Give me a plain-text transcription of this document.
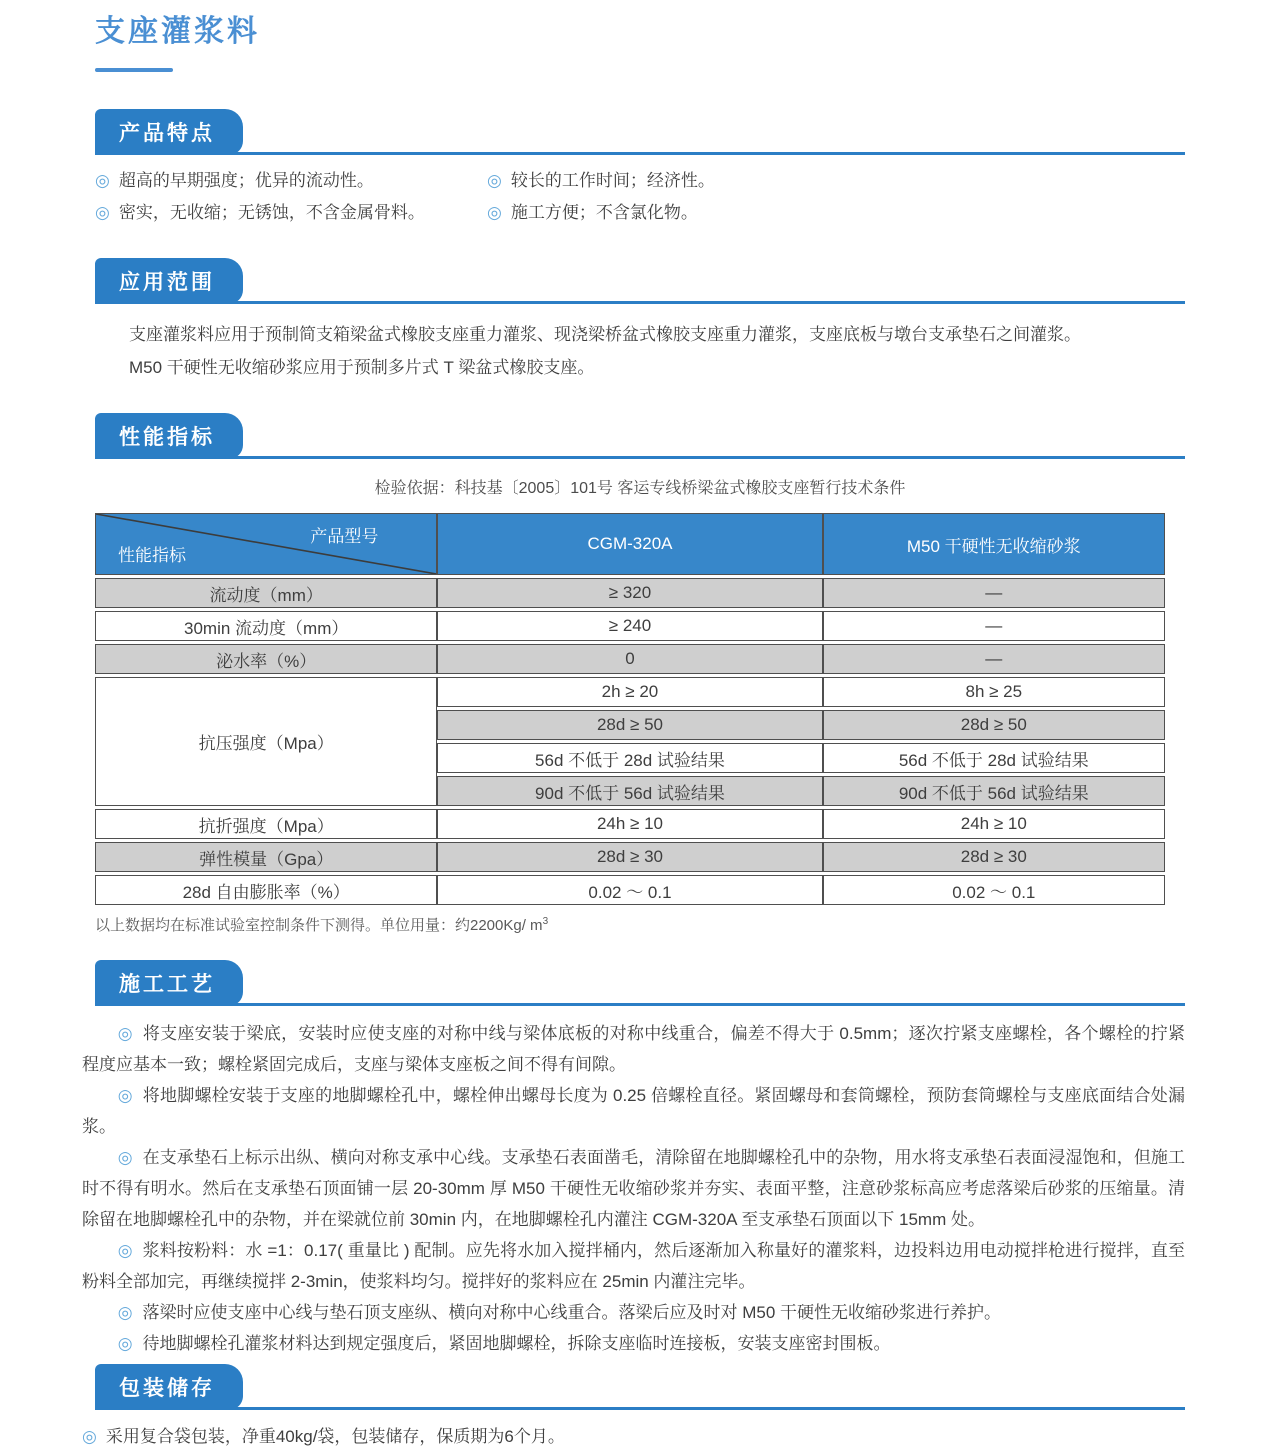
支座灌浆料
产品特点
◎ 超高的早期强度；优异的流动性。
◎ 密实，无收缩；无锈蚀，不含金属骨料。
◎ 较长的工作时间；经济性。
◎ 施工方便；不含氯化物。
应用范围

支座灌浆料应用于预制简支箱梁盆式橡胶支座重力灌浆、现浇梁桥盆式橡胶支座重力灌浆，支座底板与墩台支承垫石之间灌浆。

M50 干硬性无收缩砂浆应用于预制多片式 T 梁盆式橡胶支座。

性能指标
检验依据：科技基〔2005〕101号 客运专线桥梁盆式橡胶支座暂行技术条件
产品型号
性能指标	CGM-320A	M50 干硬性无收缩砂浆
流动度（mm）	≥ 320	—
30min 流动度（mm）	≥ 240	—
泌水率（%）	0	—
抗压强度（Mpa）	2h ≥ 20	8h ≥ 25
	28d ≥ 50	28d ≥ 50
	56d 不低于 28d 试验结果	56d 不低于 28d 试验结果
	90d 不低于 56d 试验结果	90d 不低于 56d 试验结果
抗折强度（Mpa）	24h ≥ 10	24h ≥ 10
弹性模量（Gpa）	28d ≥ 30	28d ≥ 30
28d 自由膨胀率（%）	0.02 ～ 0.1	0.02 ～ 0.1
以上数据均在标准试验室控制条件下测得。单位用量：约2200Kg/ $m^3$
施工工艺

◎ 将支座安装于梁底，安装时应使支座的对称中线与梁体底板的对称中线重合，偏差不得大于 0.5mm；逐次拧紧支座螺栓，各个螺栓的拧紧程度应基本一致；螺栓紧固完成后，支座与梁体支座板之间不得有间隙。

◎ 将地脚螺栓安装于支座的地脚螺栓孔中，螺栓伸出螺母长度为 0.25 倍螺栓直径。紧固螺母和套筒螺栓，预防套筒螺栓与支座底面结合处漏浆。

◎ 在支承垫石上标示出纵、横向对称支承中心线。支承垫石表面凿毛，清除留在地脚螺栓孔中的杂物，用水将支承垫石表面浸湿饱和，但施工时不得有明水。然后在支承垫石顶面铺一层 20-30mm 厚 M50 干硬性无收缩砂浆并夯实、表面平整，注意砂浆标高应考虑落梁后砂浆的压缩量。清除留在地脚螺栓孔中的杂物，并在梁就位前 30min 内，在地脚螺栓孔内灌注 CGM-320A 至支承垫石顶面以下 15mm 处。

◎ 浆料按粉料：水 =1：0.17( 重量比 ) 配制。应先将水加入搅拌桶内，然后逐渐加入称量好的灌浆料，边投料边用电动搅拌枪进行搅拌，直至粉料全部加完，再继续搅拌 2-3min，使浆料均匀。搅拌好的浆料应在 25min 内灌注完毕。

◎ 落梁时应使支座中心线与垫石顶支座纵、横向对称中心线重合。落梁后应及时对 M50 干硬性无收缩砂浆进行养护。

◎ 待地脚螺栓孔灌浆材料达到规定强度后，紧固地脚螺栓，拆除支座临时连接板，安装支座密封围板。

包装储存
◎ 采用复合袋包装，净重40kg/袋，包装储存，保质期为6个月。
